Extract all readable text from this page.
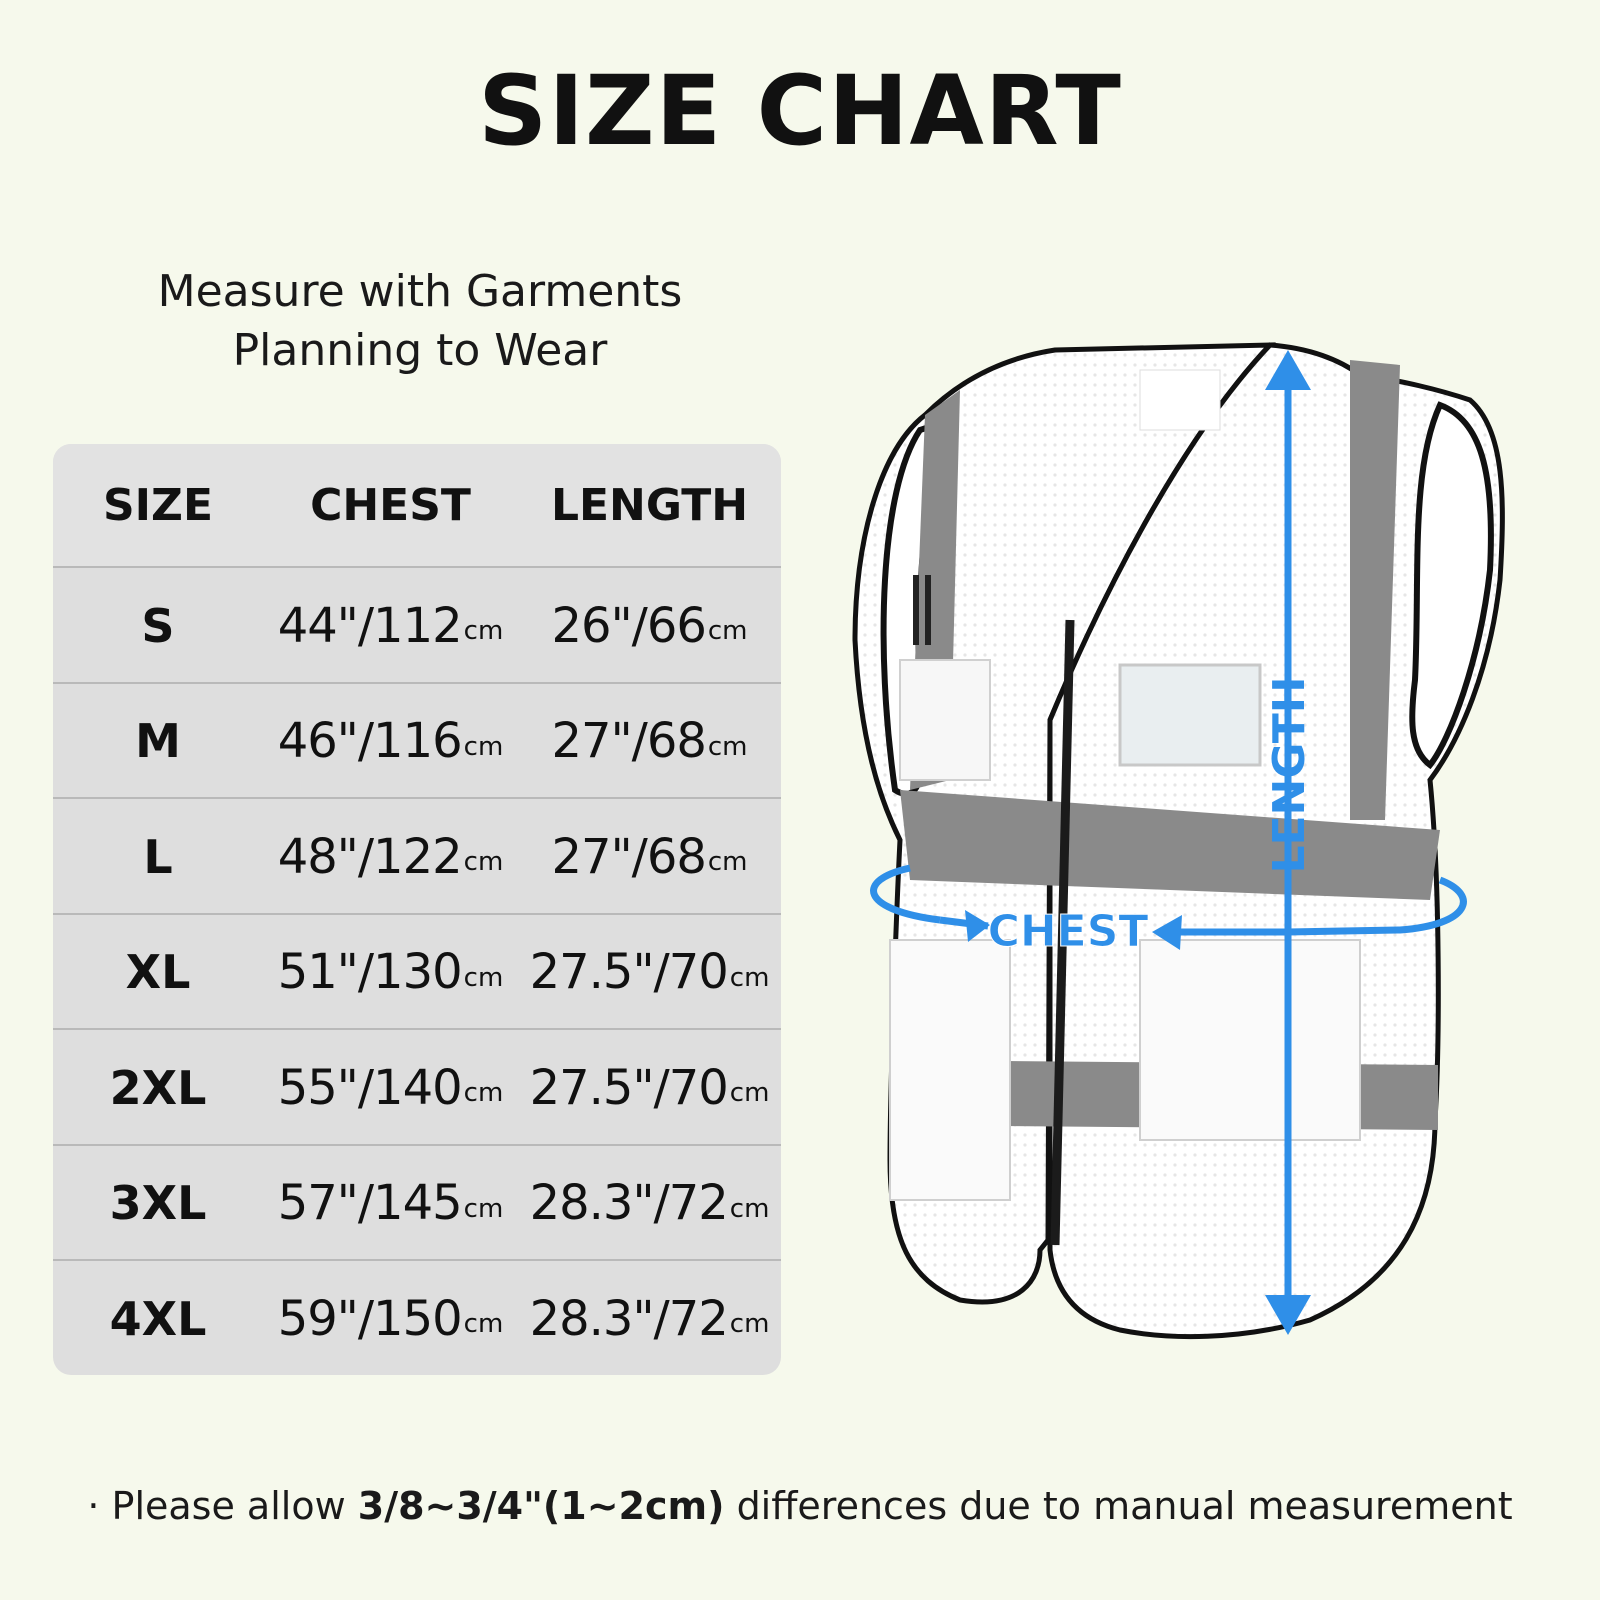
SIZE CHART
Measure with Garments
Planning to Wear
SIZE	CHEST	LENGTH
S 44"/112 cm 26"/66 cm
M 46"/116 cm 27"/68 cm
L 48"/122 cm 27"/68 cm
XL 51"/130 cm 27.5"/70 cm
2XL 55"/140 cm 27.5"/70 cm
3XL 57"/145 cm 28.3"/72 cm
4XL 59"/150 cm 28.3"/72 cm
CHEST
LENGTH
· Please allow 3/8~3/4"(1~2cm) differences due to manual measurement
